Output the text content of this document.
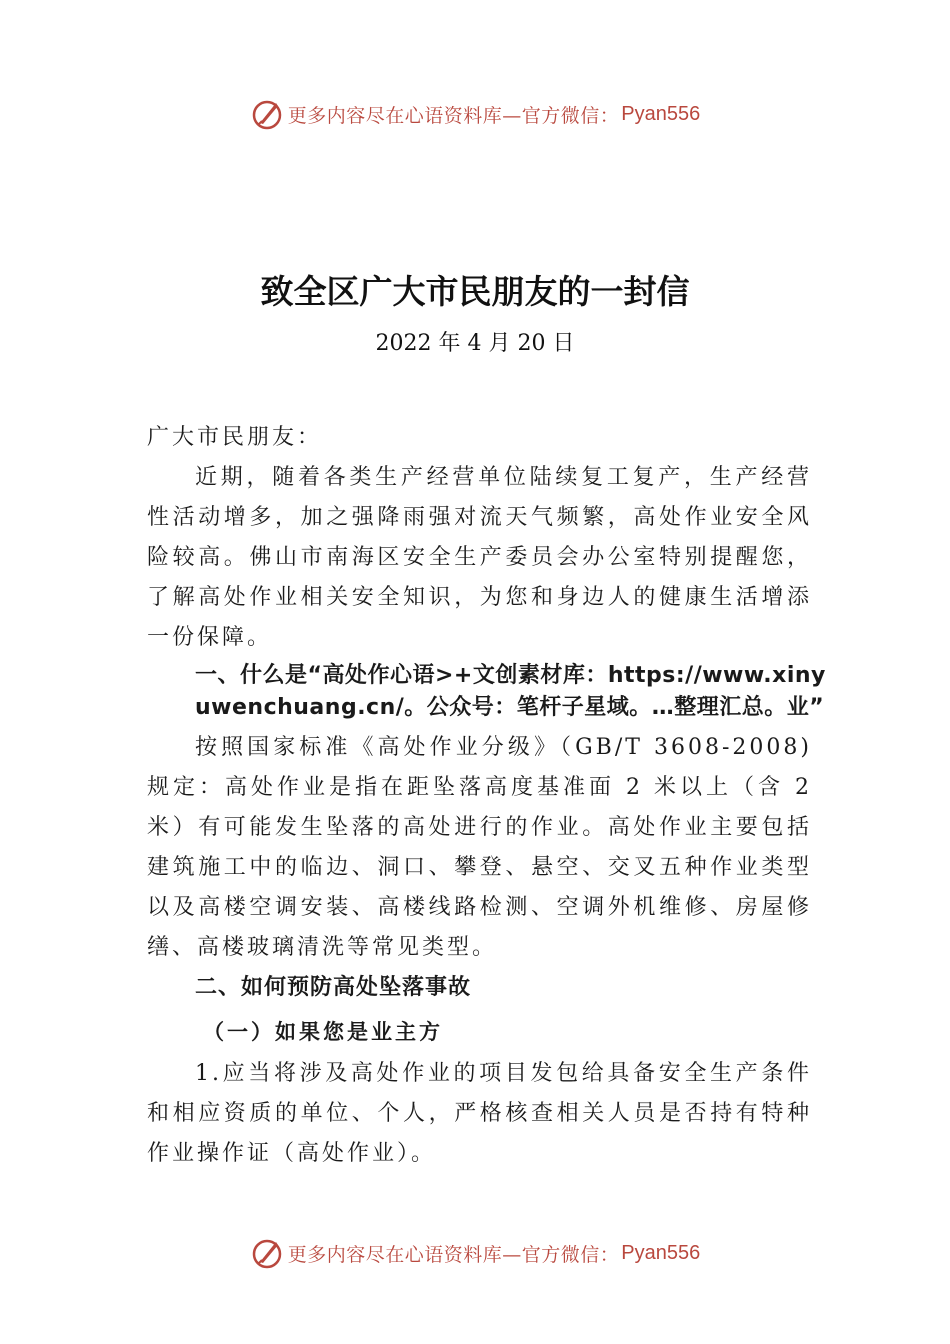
更多内容尽在心语资料库—官方微信： Pyan556
致全区广大市民朋友的一封信
2022 年 4 月 20 日

广大市民朋友：

近期，随着各类生产经营单位陆续复工复产，生产经营性活动增多，加之强降雨强对流天气频繁，高处作业安全风险较高。佛山市南海区安全生产委员会办公室特别提醒您，了解高处作业相关安全知识，为您和身边人的健康生活增添一份保障。

一、什么是“高处作心语>+文创素材库：https://www.xinyuwenchuang.cn/。公众号：笔杆子星域。…整理汇总。业”

按照国家标准《高处作业分级》（GB/T 3608-2008)规定：高处作业是指在距坠落高度基准面 2 米以上（含 2 米）有可能发生坠落的高处进行的作业。高处作业主要包括建筑施工中的临边、洞口、攀登、悬空、交叉五种作业类型以及高楼空调安装、高楼线路检测、空调外机维修、房屋修缮、高楼玻璃清洗等常见类型。

二、如何预防高处坠落事故
（一）如果您是业主方

1.应当将涉及高处作业的项目发包给具备安全生产条件和相应资质的单位、个人，严格核查相关人员是否持有特种作业操作证（高处作业）。

更多内容尽在心语资料库—官方微信： Pyan556
